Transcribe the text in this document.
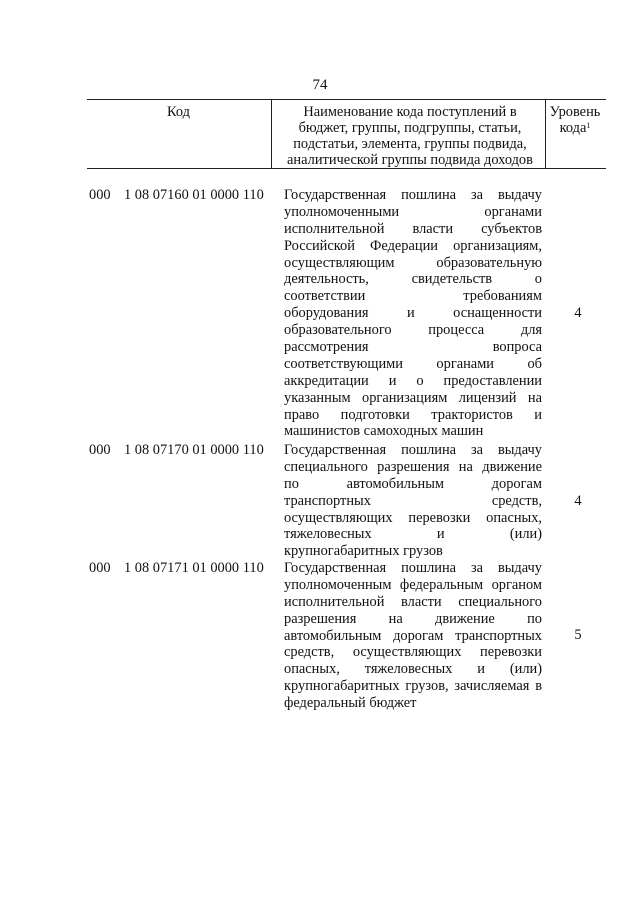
74
Код	Наименование кода поступлений в
бюджет, группы, подгруппы, статьи,
подстатьи, элемента, группы подвида,
аналитической группы подвида доходов
Уровень
кода$^1$
000 1 08 07160 01 0000 110 Государственная пошлина за выдачу
уполномоченными органами
исполнительной власти субъектов
Российской Федерации организациям,
осуществляющим образовательную
деятельность, свидетельств о
соответствии требованиям
оборудования и оснащенности
образовательного процесса для
рассмотрения вопроса
соответствующими органами об
аккредитации и о предоставлении
указанным организациям лицензий на
право подготовки трактористов и
машинистов самоходных машин
4
000 1 08 07170 01 0000 110 Государственная пошлина за выдачу
специального разрешения на движение
по автомобильным дорогам
транспортных средств,
осуществляющих перевозки опасных,
тяжеловесных и (или)
крупногабаритных грузов
4
000 1 08 07171 01 0000 110 Государственная пошлина за выдачу
уполномоченным федеральным органом
исполнительной власти специального
разрешения на движение по
автомобильным дорогам транспортных
средств, осуществляющих перевозки
опасных, тяжеловесных и (или)
крупногабаритных грузов, зачисляемая в
федеральный бюджет
5
